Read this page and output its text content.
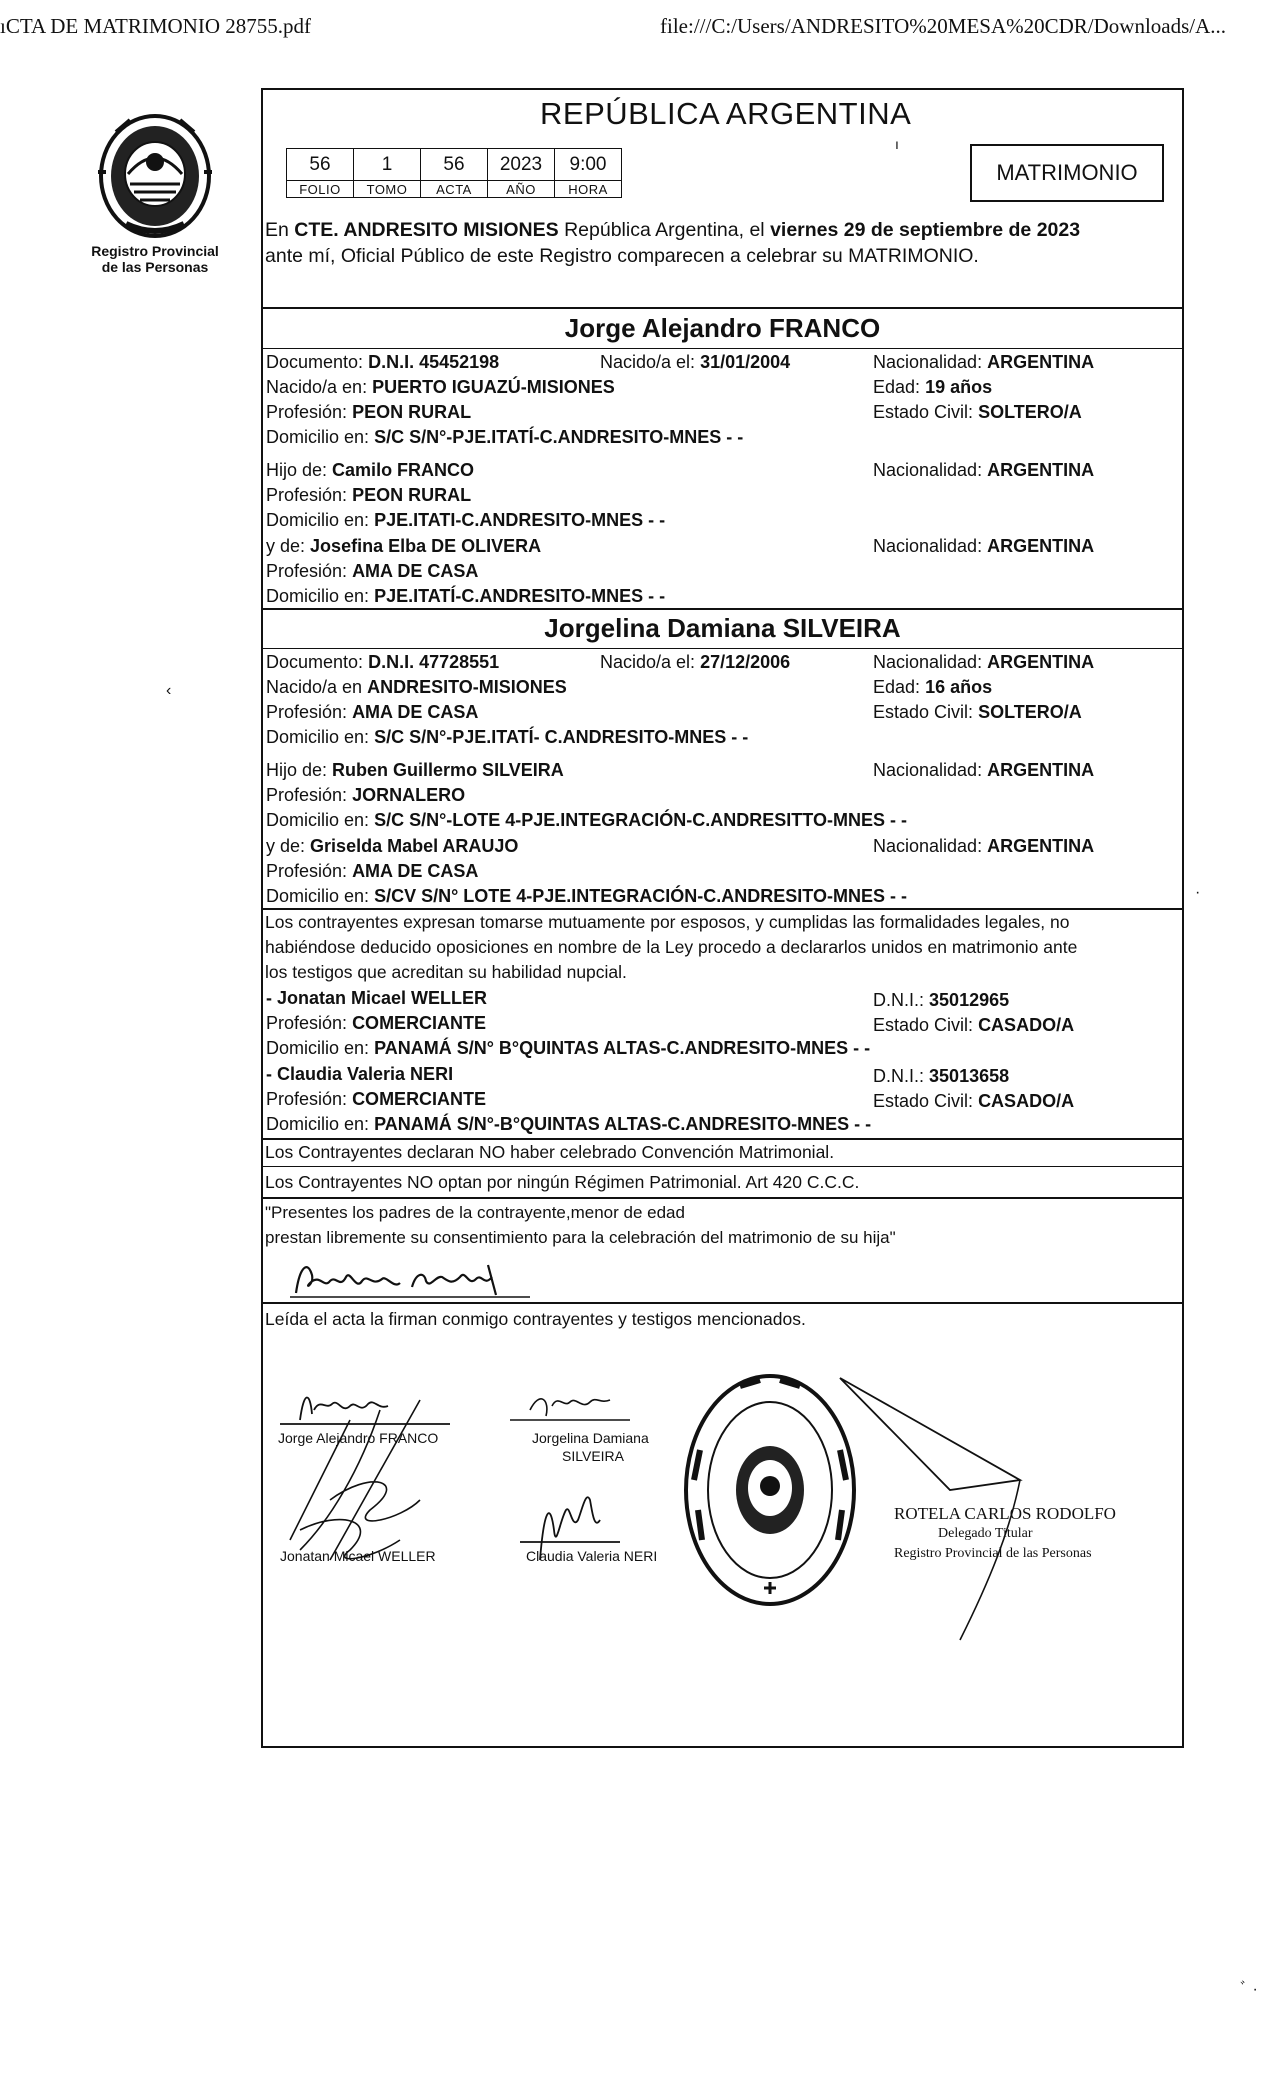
ıCTA DE MATRIMONIO 28755.pdf	file:///C:/Users/ANDRESITO%20MESA%20CDR/Downloads/A...
Registro Provincial
de las Personas
REPÚBLICA ARGENTINA
ı
56	1	56	2023	9:00
FOLIO	TOMO	ACTA	AÑO	HORA
MATRIMONIO
En CTE. ANDRESITO MISIONES República Argentina, el viernes 29 de septiembre de 2023
ante mí, Oficial Público de este Registro comparecen a celebrar su MATRIMONIO.
Jorge Alejandro FRANCO
Documento: D.N.I. 45452198	Nacido/a el: 31/01/2004	Nacionalidad: ARGENTINA
Nacido/a en: PUERTO IGUAZÚ-MISIONES	Edad: 19 años
Profesión: PEON RURAL	Estado Civil: SOLTERO/A
Domicilio en: S/C S/N°-PJE.ITATÍ-C.ANDRESITO-MNES - -
Hijo de: Camilo FRANCO	Nacionalidad: ARGENTINA
Profesión: PEON RURAL
Domicilio en: PJE.ITATI-C.ANDRESITO-MNES - -
y de: Josefina Elba DE OLIVERA	Nacionalidad: ARGENTINA
Profesión: AMA DE CASA
Domicilio en: PJE.ITATÍ-C.ANDRESITO-MNES - -
Jorgelina Damiana SILVEIRA
Documento: D.N.I. 47728551	Nacido/a el: 27/12/2006	Nacionalidad: ARGENTINA
Nacido/a en ANDRESITO-MISIONES	Edad: 16 años
Profesión: AMA DE CASA	Estado Civil: SOLTERO/A
Domicilio en: S/C S/N°-PJE.ITATÍ- C.ANDRESITO-MNES - -
Hijo de: Ruben Guillermo SILVEIRA	Nacionalidad: ARGENTINA
Profesión: JORNALERO
Domicilio en: S/C S/N°-LOTE 4-PJE.INTEGRACIÓN-C.ANDRESITTO-MNES - -
y de: Griselda Mabel ARAUJO	Nacionalidad: ARGENTINA
Profesión: AMA DE CASA
Domicilio en: S/CV S/N° LOTE 4-PJE.INTEGRACIÓN-C.ANDRESITO-MNES - -
Los contrayentes expresan tomarse mutuamente por esposos, y cumplidas las formalidades legales, no
habiéndose deducido oposiciones en nombre de la Ley procedo a declararlos unidos en matrimonio ante
los testigos que acreditan su habilidad nupcial.
- Jonatan Micael WELLER	D.N.I.: 35012965
Profesión: COMERCIANTE	Estado Civil: CASADO/A
Domicilio en: PANAMÁ S/N° B°QUINTAS ALTAS-C.ANDRESITO-MNES - -
- Claudia Valeria NERI	D.N.I.: 35013658
Profesión: COMERCIANTE	Estado Civil: CASADO/A
Domicilio en: PANAMÁ S/N°-B°QUINTAS ALTAS-C.ANDRESITO-MNES - -
Los Contrayentes declaran NO haber celebrado Convención Matrimonial.
Los Contrayentes NO optan por ningún Régimen Patrimonial. Art 420 C.C.C.
"Presentes los padres de la contrayente,menor de edad
prestan libremente su consentimiento para la celebración del matrimonio de su hija"
Leída el acta la firman conmigo contrayentes y testigos mencionados.
Jorge Alejandro FRANCO	Jorgelina Damiana
SILVEIRA
Jonatan Micael WELLER	Claudia Valeria NERI
ROTELA CARLOS RODOLFO
Delegado Titular
Registro Provincial de las Personas
‹
·
ﾞ ·
